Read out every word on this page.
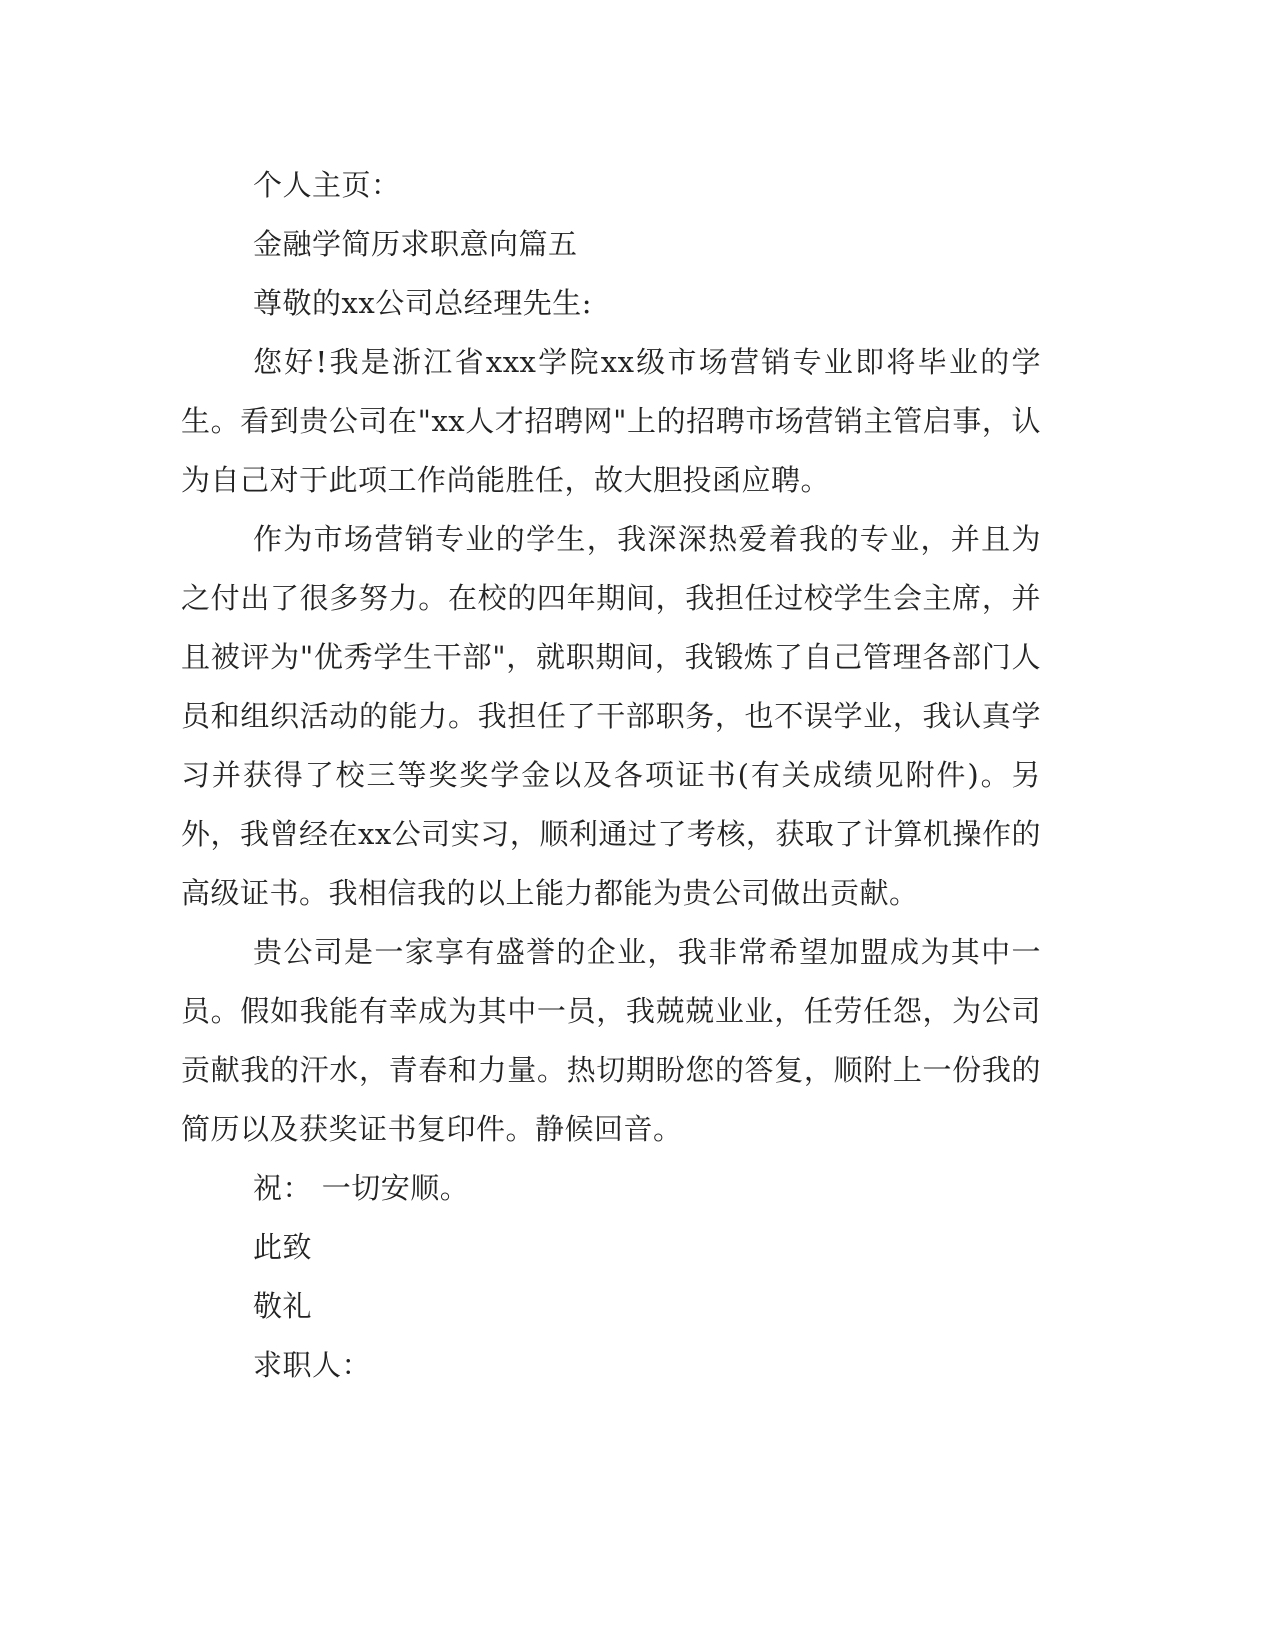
个人主页：
金融学简历求职意向篇五
尊敬的xx公司总经理先生:
您好!我是浙江省xxx学院xx级市场营销专业即将毕业的学生。看到贵公司在"xx人才招聘网"上的招聘市场营销主管启事，认为自己对于此项工作尚能胜任，故大胆投函应聘。
作为市场营销专业的学生，我深深热爱着我的专业，并且为之付出了很多努力。在校的四年期间，我担任过校学生会主席，并且被评为"优秀学生干部"，就职期间，我锻炼了自己管理各部门人员和组织活动的能力。我担任了干部职务，也不误学业，我认真学习并获得了校三等奖奖学金以及各项证书(有关成绩见附件)。另外，我曾经在xx公司实习，顺利通过了考核，获取了计算机操作的高级证书。我相信我的以上能力都能为贵公司做出贡献。
贵公司是一家享有盛誉的企业，我非常希望加盟成为其中一员。假如我能有幸成为其中一员，我兢兢业业，任劳任怨，为公司贡献我的汗水，青春和力量。热切期盼您的答复，顺附上一份我的简历以及获奖证书复印件。静候回音。
祝： 一切安顺。
此致
敬礼
求职人：
